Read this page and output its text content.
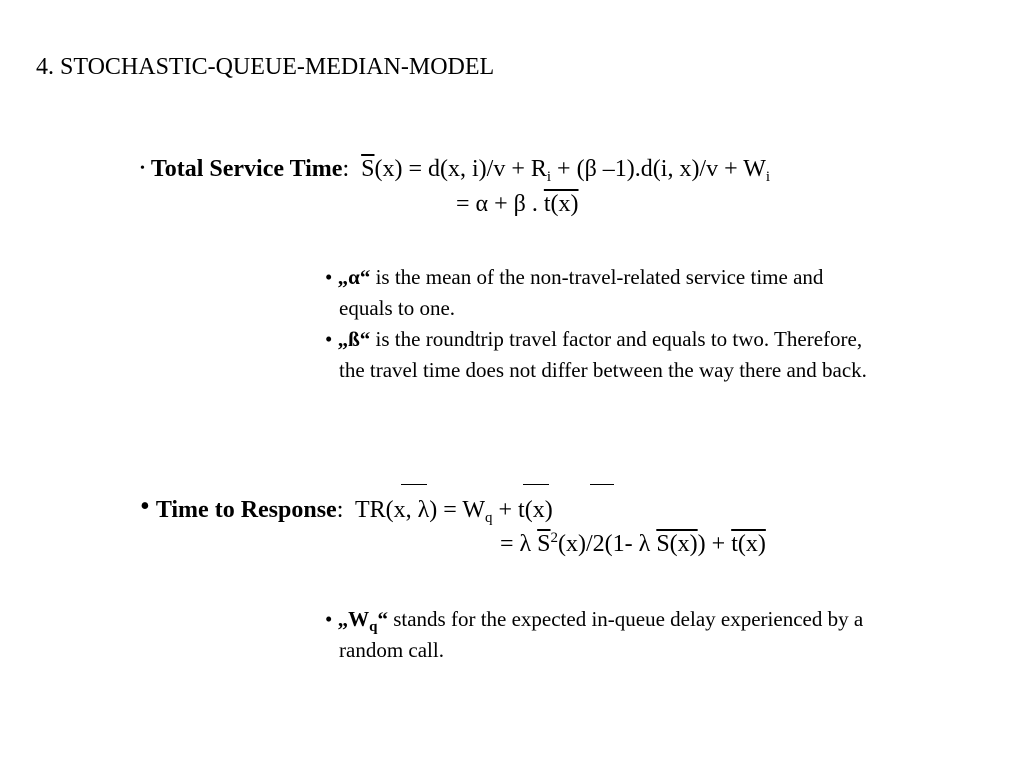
4. STOCHASTIC-QUEUE-MEDIAN-MODEL
• Total Service Time: $\overline{S}(x) = d(x$, $i)/v + R_i + (\beta$ –1).d(i, $x)/v + W_i$
= α + β . t(x)
• „α“ is the mean of the non-travel-related service time and
equals to one.
• „ß“ is the roundtrip travel factor and equals to two. Therefore,
the travel time does not differ between the way there and back.
• Time to Response: TR(x, $\lambda) = W_q + t(x)$
= λ $\overline{S}^2(x)/2(1-$ λ S(x)) + t(x)
• $„W_q“$ stands for the expected in-queue delay experienced by a
random call.
